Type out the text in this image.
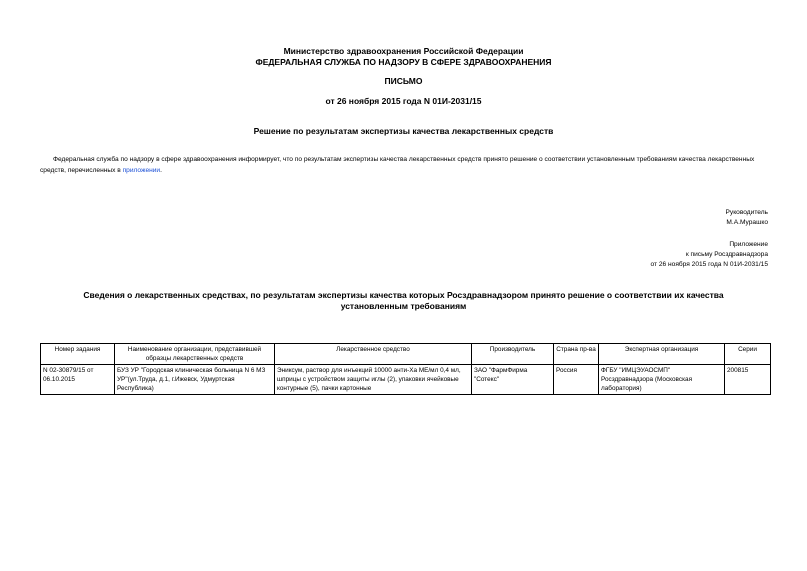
Министерство здравоохранения Российской Федерации
ФЕДЕРАЛЬНАЯ СЛУЖБА ПО НАДЗОРУ В СФЕРЕ ЗДРАВООХРАНЕНИЯ
ПИСЬМО
от 26 ноября 2015 года N 01И-2031/15
Решение по результатам экспертизы качества лекарственных средств
Федеральная служба по надзору в сфере здравоохранения информирует, что по результатам экспертизы качества лекарственных средств принято решение о соответствии установленным требованиям качества лекарственных средств, перечисленных в приложении.
Руководитель
М.А.Мурашко
Приложение
к письму Росздравнадзора
от 26 ноября 2015 года N 01И-2031/15
Сведения о лекарственных средствах, по результатам экспертизы качества которых Росздравнадзором принято решение о соответствии их качества установленным требованиям
Номер задания	Наименование организации, представившей образцы лекарственных средств	Лекарственное средство	Производитель	Страна пр-ва	Экспертная организация	Серии
N 02-30879/15 от 06.10.2015	БУЗ УР "Городская клиническая больница N 6 МЗ УР"(ул.Труда, д.1, г.Ижевск, Удмуртская Республика)	Эниксум, раствор для инъекций 10000 анти-Ха МЕ/мл 0,4 мл, шприцы с устройством защиты иглы (2), упаковки ячейковые контурные (5), пачки картонные	ЗАО "ФармФирма "Сотекс"	Россия	ФГБУ "ИМЦЭУАОСМП" Росздравнадзора (Московская лаборатория)	200815
